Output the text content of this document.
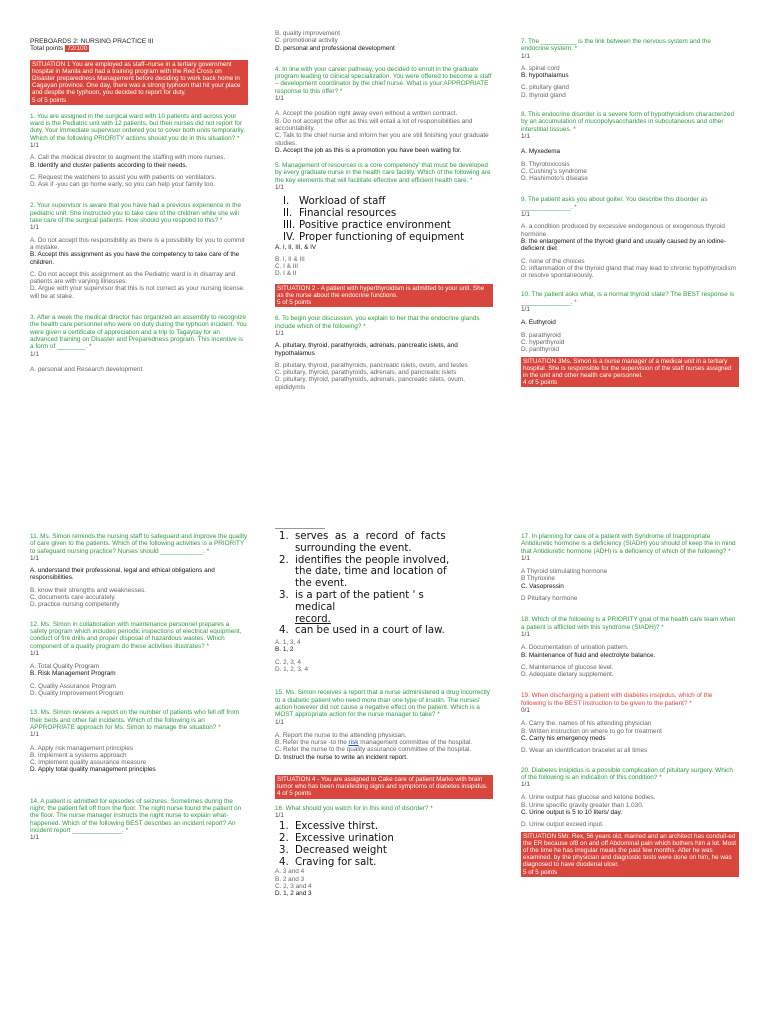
PREBOARDS 2: NURSING PRACTICE III
Total points 72/100
SITUATION 1 You are employed as staff–nurse in a tertiary government hospital in Manila and had a training program with the Red Cross on Disaster preparedness Management before deciding to work back home in Cagayan province. One day, there was a strong typhoon that hit your place and despite the typhoon, you decided to report for duty.
5 of 5 points
1. You are assigned in the surgical ward with 10 patients and across your ward is the Pediatric unit with 12 patients, but their nurses did not report for duty. Your immediate supervisor ordered you to cover both units temporarily. Which of the following PRIORITY actions should you do in this situation? *
1/1
A. Call the medical director to augment the staffing with more nurses.
B. Identify and cluster patients according to their needs.
C. Request the watchers to assist you with patients on ventilators.
D. Ask if -you can go home early, so you can help your family too.
2. Your supervisor is aware that you have had a previous experience in the pediatric unit. She instructed you to take care of the children while she will take care of the surgical patients. How should you respond to this? *
1/1
A. Do not accept this responsibility as there is a possibility for you to commit a mistake.
B. Accept this assignment as you have the competency to take care of the children.
C. Do not accept this assignment as the Pediatric ward is in disarray and patients are with varying illnesses.
D. Argue with your supervisor that this is not correct as your nursing license. will be at stake.
3. After a week the medical director has organized an assembly to recognize the health care personnel who were on duty during the typhoon incident. You were given a certificate of appreciation and a trip to Tagaytay for an advanced training on Disaster and Preparedness program. This incentive is a form of ________. *
1/1
A. personal and Research development
B. quality improvement
C. promotional activity
D. personal and professional development
4. In line with your career pathway, you decided to enroll in the graduate program leading to clinical specialization. You were offered to become a staff – development coordinator by the chief nurse. What is your APPROPRIATE response to this offer? *
1/1
A. Accept the position right away even without a written contract.
B. Do not accept the offer as this will entail a lot of responsibilities and accountability.
C. Talk to the chief nurse and inform her you are still finishing your graduate studies.
D. Accept the job as this is a promotion you have been waiting for.
5. Management of resources is a core competency' that must be developed by every graduate nurse in the health care facility. Which of the following are the key elements that will facilitate effective and efficient health care. *
1/1
I. Workload of staff
II. Financial resources
III. Positive practice environment
IV. Proper functioning of equipment
A. I, II, III, & IV
B. I, II & III
C. I & III
D. I & II
SITUATION 2 - A patient with hyperthyroidism is admitted to your unit. She as the nurse about the endocrine functions.
5 of 5 points
6. To begin your discussion, you explain to her that the endocrine glands include which of the following? *
1/1
A. pituitary, thyroid, parathyroids, adrenals, pancreatic islets, and hypothalamus
B. pituitary, thyroid, parathyroids, pancreatic islets, ovum, and testes
C. pituitary, thyroid, parathyroids, adrenals, and pancreatic islets
D. pituitary, thyroid, parathyroids, adrenals, pancreatic islets, ovum, epididymis
7. The __________ is the link between the nervous system and the endocrine system. *
1/1
A. spinal cord
B. hypothalamus
C. pituitary gland
D. thyroid gland
8. This endocrine disorder is a severe form of hypothyroidism characterized by an accumulation of mucopolysaccharides in subcutaneous and other interstitial tissues. *
1/1
A. Myxedema
B. Thyrotoxicosis
C. Cushing's syndrome
D. Hashimoto's disease
9. The patient asks you about goiter. You describe this disorder as ______________. *
1/1
A. a condition produced by excessive endogenous or exogenous thyroid hormone
B. the enlargement of the thyroid gland and usually caused by an iodine-deficient diet
C. none of the choices
D. inflammation of the thyroid gland that may lead to chronic hypothyroidism or resolve spontaneously.
10. The patient asks what, is a normal thyroid state? The BEST response is ______________. *
1/1
A. Euthyroid
B. parathyroid
C. hyperthyroid
D. panthyroid
SITUATION 3Ms. Simon is a nurse manager of a medical unit in a tertiary hospital. She is responsible for the supervision of the staff nurses assigned in the unit and other health care personnel.
4 of 5 points
11. Ms. Simon reminds the nursing staff to safeguard and improve the quality of care given to the patients. Which of the following activities is a PRIORITY to safeguard nursing practice? Nurses should ____________. *
1/1
A. understand their professional, legal and ethical obligations and responsibilities.
B. know their strengths and weaknesses.
C. documents care accurately.
D. practice nursing competently
12. Ms. Simon in collaboration with maintenance personnel prepares a safety program which includes periodic inspections of electrical equipment, conduct of fire drills and proper disposal of hazardous wastes. Which component of a quality program do these activities illustrates? *
1/1
A. Total Quality Program
B. Risk Management Program
C. Quality Assurance Program
D. Quality Improvement Program
13. Ms. Simon reviews a report on the number of patients who fell off from their beds and other fall incidents. Which of the following is an APPROPRIATE approach for Ms. Simon to manage the situation? *
1/1
A. Apply risk management principles
B. Implement a systems approach
C. Implement quality assurance measure
D. Apply total quality management principles
14. A patient is admitted for episodes of seizures. Sometimes during the night, the patient fell off from the floor. The night nurse found the patient on the floor. The nurse manager instructs the night nurse to explain what- happened. Which of the following BEST describes an incident report? An incident report ______________. *
1/1
1. serves  as  a  record  of  facts surrounding the event.
2. identifies the people involved, the date, time and location of the event.
3. is a part of the patient ' s medical
record.
4. can be used in a court of law.
A. 1, 3, 4
B. 1, 2
C. 2, 3, 4
D. 1, 2, 3, 4
15. Ms. Simon receives a report that a nurse administered a drug incorrectly to a diabetic patient who need more than one type of insulin. The nurses' action however did not cause a negative effect on the patient. Which is a MOST appropriate action for the nurse manager to take? *
1/1
A. Report the nurse to the attending physician.
B. Refer the nurse -to the risk management committee of the hospital.
C. Refer the nurse to the quality assurance committee of the hospital.
D. Instruct the nurse to write an incident report.
SITUATION 4 - You are assigned to Cake care of patient Marko with brain tumor who has been manifesting signs and symptoms of diabetes insipidus.
4 of 5 points
16. What should you watch for in this kind of disorder? *
1/1
1. Excessive thirst.
2. Excessive urination
3. Decreased weight
4. Craving for salt.
A. 3 and 4
B. 2 and 3
C. 2, 3 and 4
D. 1, 2 and 3
17. In planning for care of a patient with Syndrome of Inappropriate Antidiuretic hormone is a deficiency (SIADH) you should of keep the in mind that Antidiuretic hormone (ADH) is a deficiency of which of the following? *
1/1
A Thyroid stimulating hormone
B Thyroxine
C. Vasopressin
D Pituitary hormone
18. Which of the following is a PRIORITY goal of the health care team when a patient is afflicted with this syndrome (SIADH)? *
1/1
A. Documentation of urination pattern.
B. Maintenance of fluid and electrolyte balance.
C. Maintenance of glucose level.
D. Adequate dietary supplement.
19. When discharging a patient with diabetes insipidus, which of the following is the BEST instruction to be given to the patient? *
0/1
A. Carry the. names of his attending physician
B. Written instruction on where to go for treatment
C. Carry his emergency meds
D. Wear an identification bracelet at all times
20. Diabetes insipidus is a possible complication of pituitary surgery. Which of the following is an indication of this condition? *
1/1
A. Urine output has glucose and ketone bodies.
B. Urine specific gravity greater than 1.030.
C. Urine output is 5 to 10 liters/ day.
D. Urine output exceed input.
SITUATION 5Mr. Rex, 56 years old, married and an architect has conduit-ed the ER because of8 on and off Abdominal pain which bothers him a lot. Most of the time he has irregular meals the past few months. After he was examined. by the physician and diagnostic tests were done on him, he was diagnosed to have duodenal ulcer.
5 of 5 points
